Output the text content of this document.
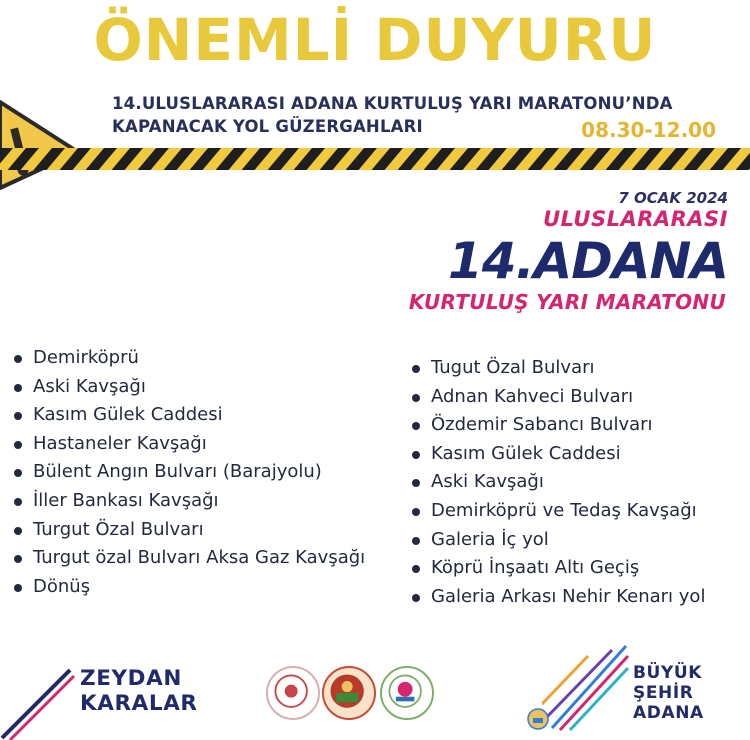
ÖNEMLİ DUYURU
14.ULUSLARARASI ADANA KURTULUŞ YARI MARATONU’NDA
KAPANACAK YOL GÜZERGAHLARI	08.30-12.00
7 OCAK 2024
ULUSLARARASI
14.ADANA
KURTULUŞ YARI MARATONU
Demirköprü
Aski Kavşağı
Kasım Gülek Caddesi
Hastaneler Kavşağı
Bülent Angın Bulvarı (Barajyolu)
İller Bankası Kavşağı
Turgut Özal Bulvarı
Turgut özal Bulvarı Aksa Gaz Kavşağı
Dönüş
Tugut Özal Bulvarı
Adnan Kahveci Bulvarı
Özdemir Sabancı Bulvarı
Kasım Gülek Caddesi
Aski Kavşağı
Demirköprü ve Tedaş Kavşağı
Galeria İç yol
Köprü İnşaatı Altı Geçiş
Galeria Arkası Nehir Kenarı yol
ZEYDAN
KARALAR
BÜYÜK
ŞEHİR
ADANA
